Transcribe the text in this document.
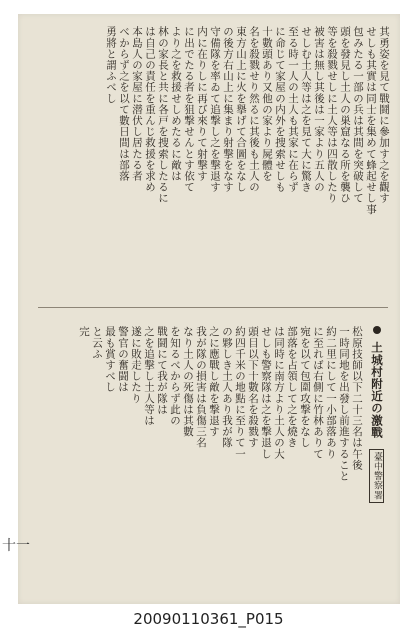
其勇姿を見て戰鬪に參加す之を觀す
せしも其實は同士を集めて蜂起せし事
包みたる一部の兵は其間を突破して
頭を發見し土人の巣窟なる所を襲ひ
等を殺戮せしに土人等は四散したり
被害は無し其後は一家より五人の
せしむ土人等は之を見て大に驚き
至る時一人の土人も其家に在らず
に命じて家屋の内外を捜索せしも
十數頭あり又他の家より屍體を
名を殺戮せり然るに其後も土人の
東方山上に火を擧げて合圖をなし
の後方右山上に集まり射撃をなす
守備隊を率ゐて追撃し之を撃退す
内に在りしに再び來りて射撃す
に出でたる者を狙撃せんとす依て
より之を救援せしめたるに敵は
林の家長と共に各戸を捜索したるに
は自己の責任を重んじ救援を求め
本島人の家屋に潜伏し居たる者
べからず之を以て數日間は部落
勇將と謂ふべし
土城村附近の激戰 臺中警察署
松原技師以下二十三名は午後
一時同地を出發し前進すること
約二里にして一小部落あり
に至れば右側に竹林ありて
宛を以て包圍攻撃をなし
部落を占領して之を燒き
は同時に南方より土人の大
せしも警察隊は之を撃退し
頭目以下十數名を殺戮す
約四千米の地點に至りて一
の夥しき土人あり我が隊
之に應戰し敵を撃退す
我が隊の損害は負傷三名
なり土人の死傷は其數
を知るべからず此の
戰鬪にて我が隊は
之を追撃し土人等は
遂に敗走したり
警官の奮闘は
最も賞すべし
と云ふ
完
十一
20090110361_P015
